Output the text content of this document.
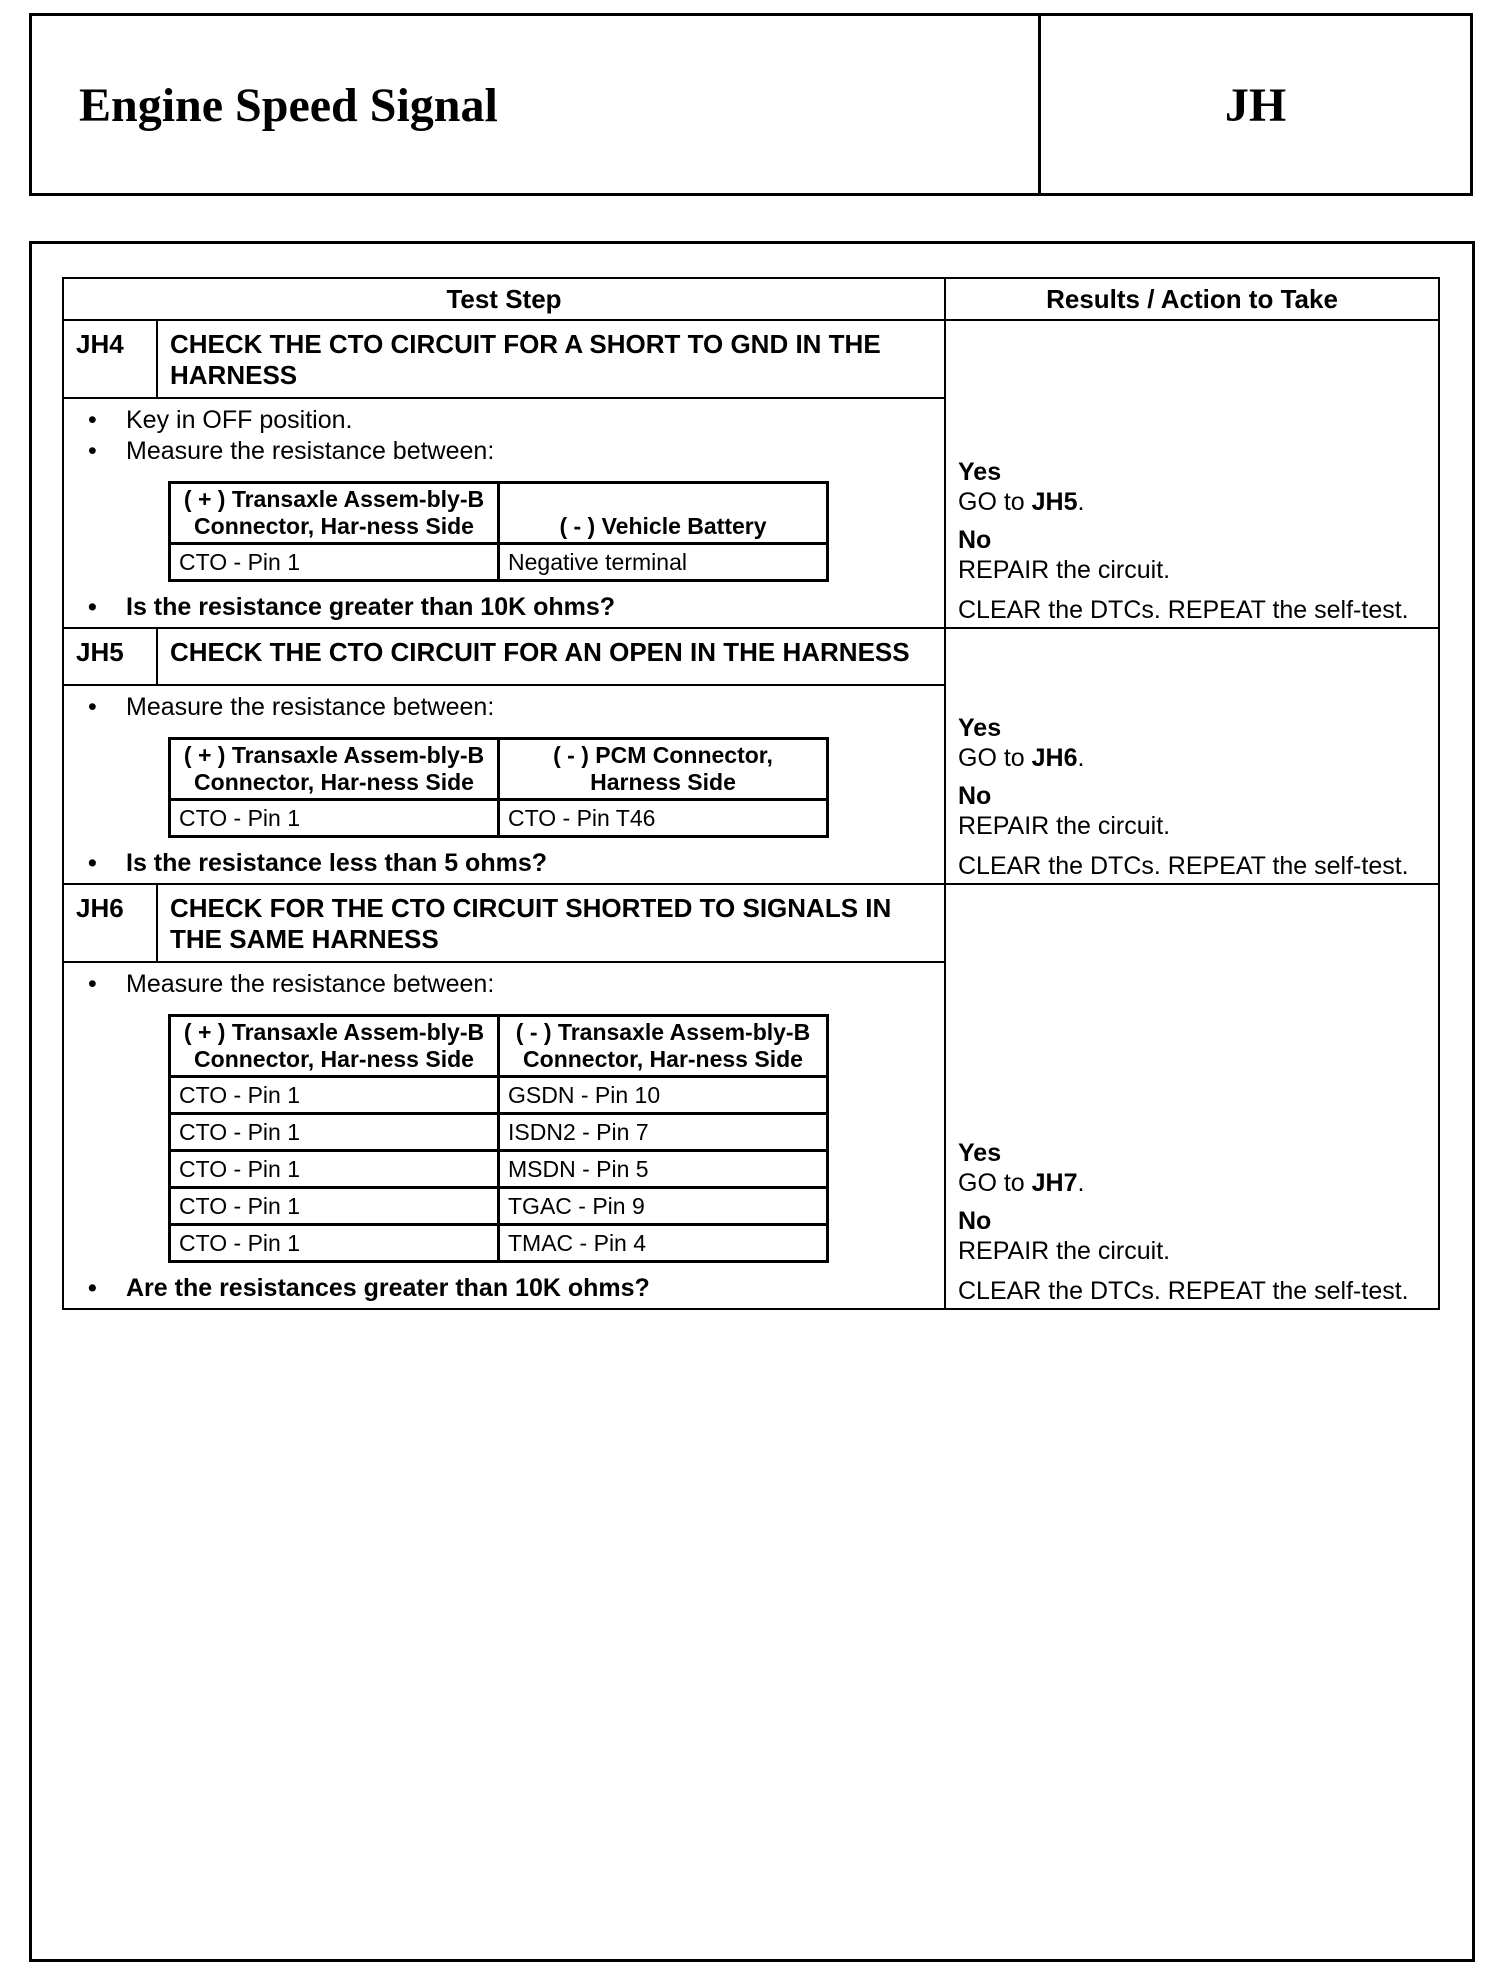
Engine Speed Signal	JH
Test Step	Results / Action to Take
JH4	CHECK THE CTO CIRCUIT FOR A SHORT TO GND IN THE HARNESS	
Yes
GO to JH5.
No
REPAIR the circuit.
CLEAR the DTCs. REPEAT the self-test.

• Key in OFF position.
• Measure the resistance between:
( + ) Transaxle Assem-bly-B Connector, Har-ness Side	( - ) Vehicle Battery
CTO - Pin 1	Negative terminal
• Is the resistance greater than 10K ohms?

JH5	CHECK THE CTO CIRCUIT FOR AN OPEN IN THE HARNESS	
Yes
GO to JH6.
No
REPAIR the circuit.
CLEAR the DTCs. REPEAT the self-test.

• Measure the resistance between:
( + ) Transaxle Assem-bly-B Connector, Har-ness Side	( - ) PCM Connector, Harness Side
CTO - Pin 1	CTO - Pin T46
• Is the resistance less than 5 ohms?

JH6	CHECK FOR THE CTO CIRCUIT SHORTED TO SIGNALS IN THE SAME HARNESS	
Yes
GO to JH7.
No
REPAIR the circuit.
CLEAR the DTCs. REPEAT the self-test.

• Measure the resistance between:
( + ) Transaxle Assem-bly-B Connector, Har-ness Side	( - ) Transaxle Assem-bly-B Connector, Har-ness Side
CTO - Pin 1	GSDN - Pin 10
CTO - Pin 1	ISDN2 - Pin 7
CTO - Pin 1	MSDN - Pin 5
CTO - Pin 1	TGAC - Pin 9
CTO - Pin 1	TMAC - Pin 4
• Are the resistances greater than 10K ohms?
